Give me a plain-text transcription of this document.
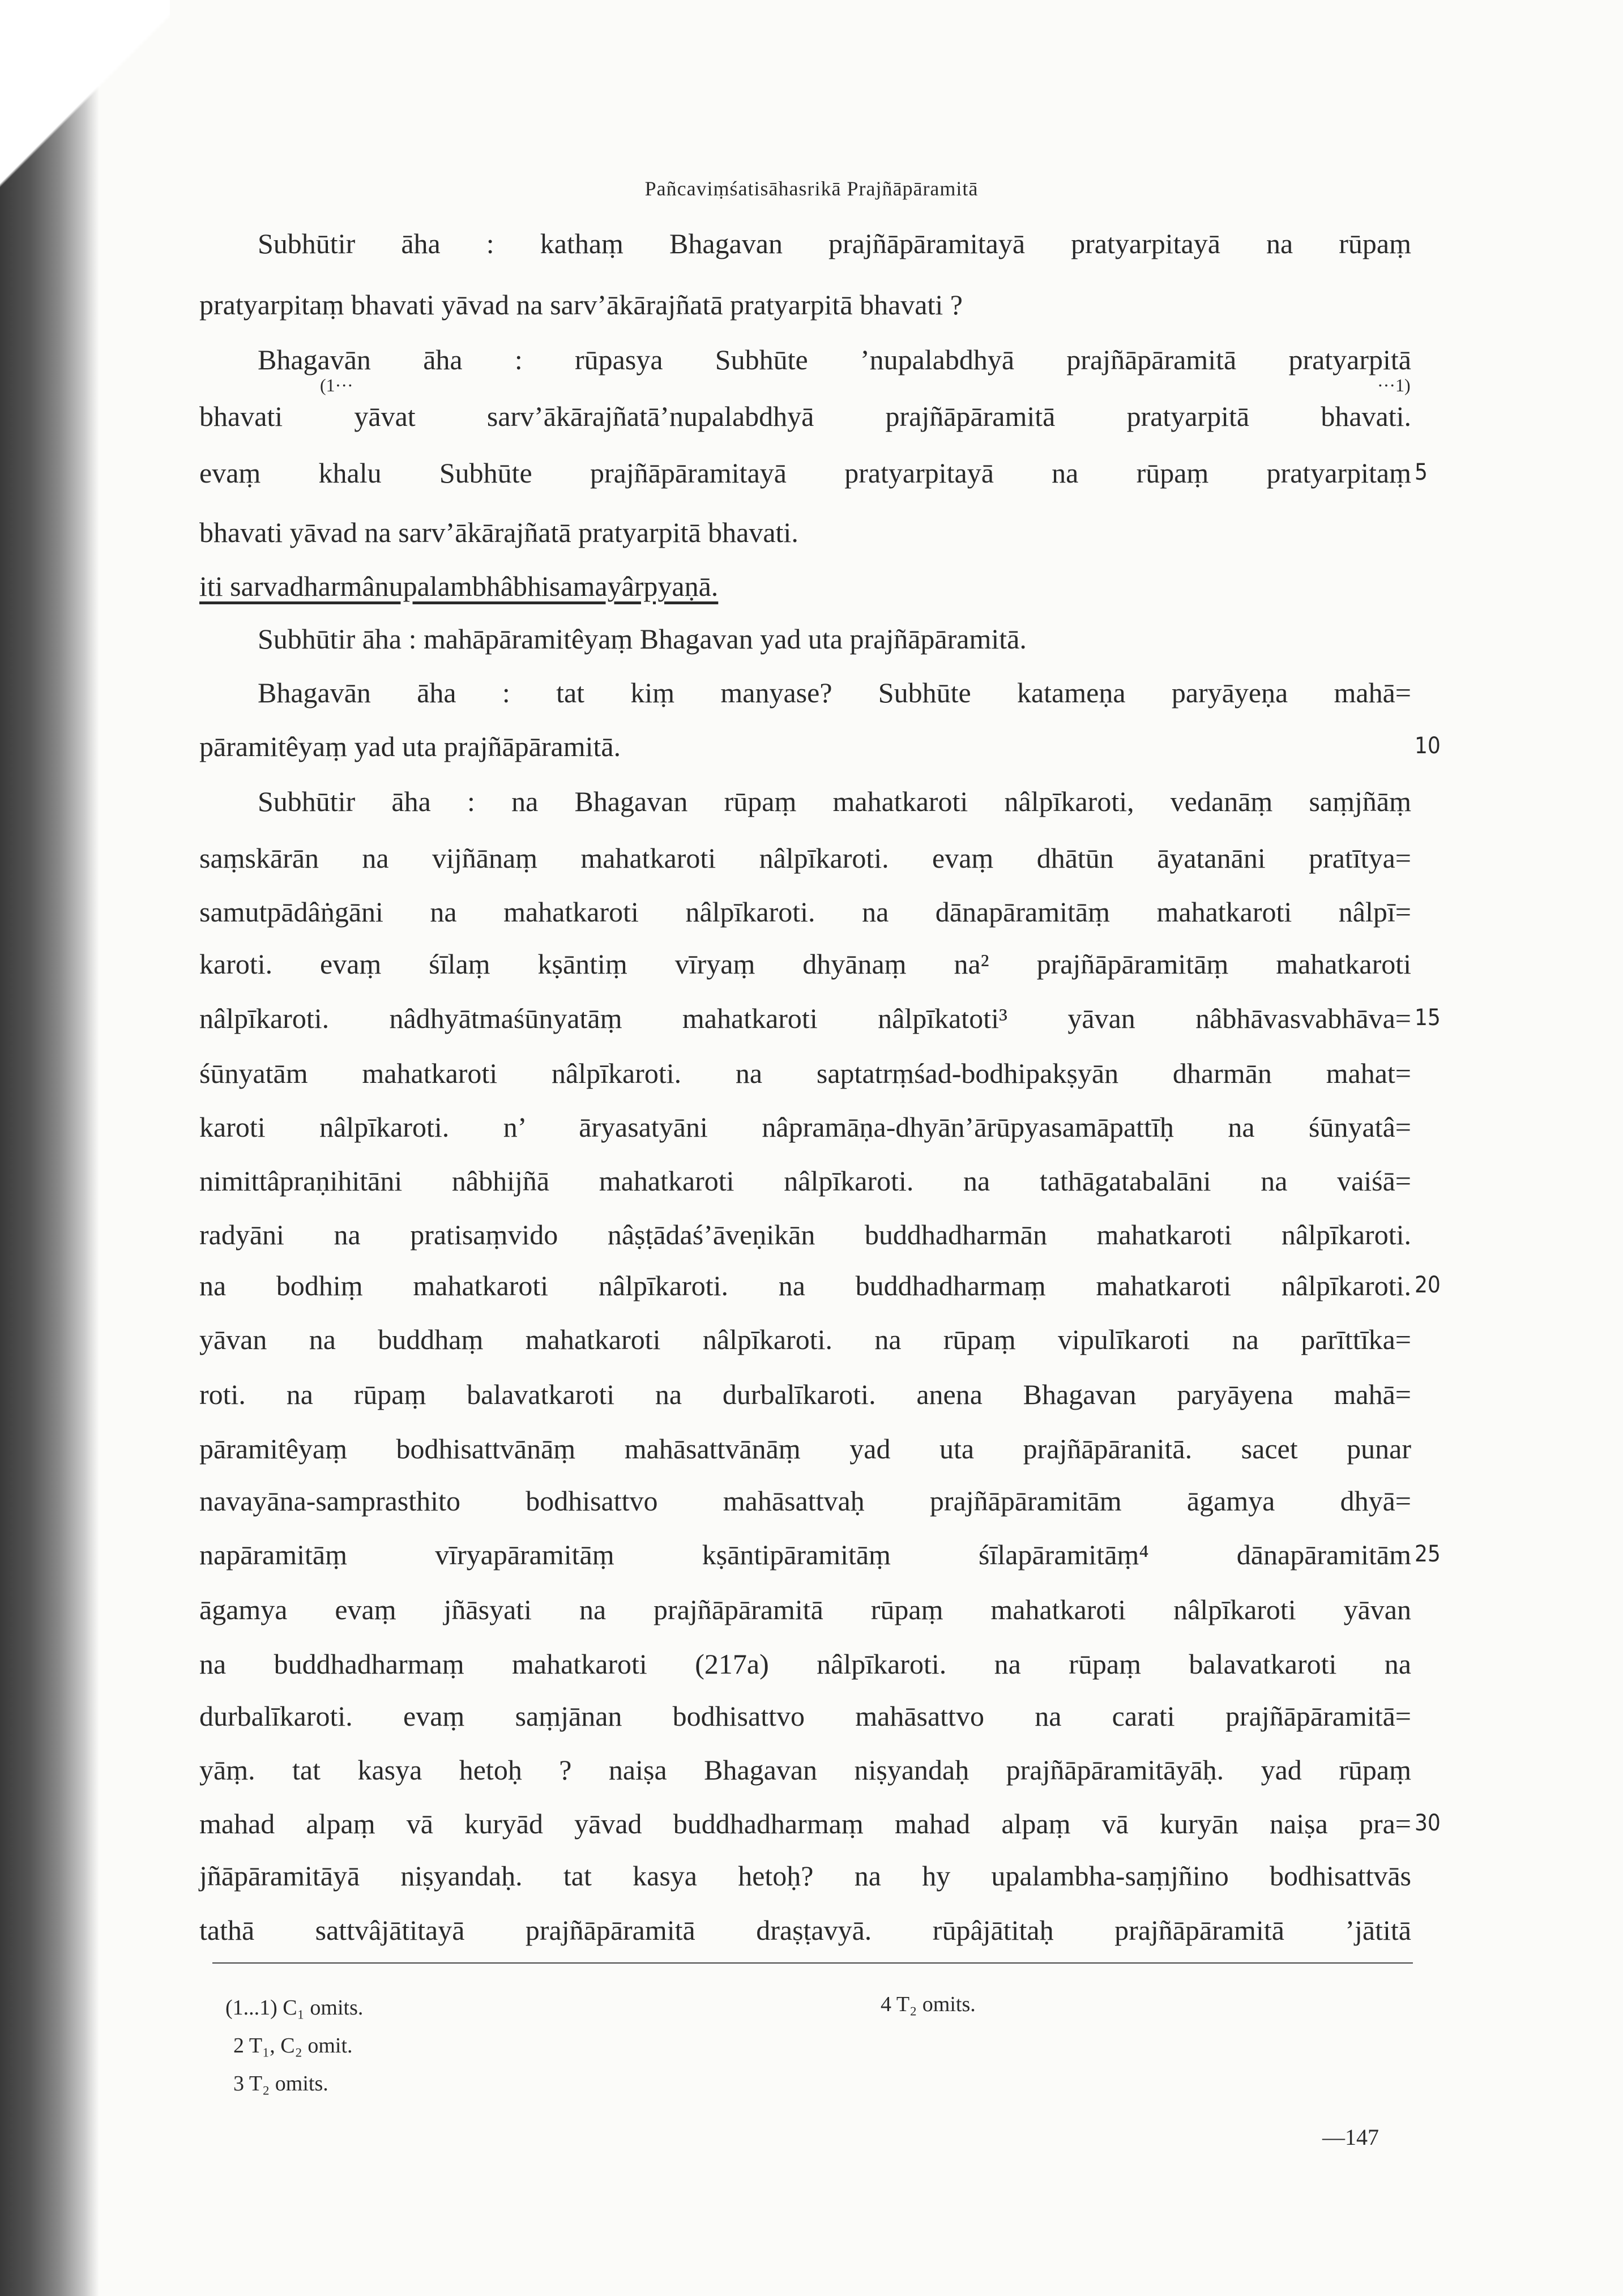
Pañcaviṃśatisāhasrikā Prajñāpāramitā
Subhūtir āha : kathaṃ Bhagavan prajñāpāramitayā pratyarpitayā na rūpaṃ
pratyarpitaṃ bhavati yāvad na sarv’ākārajñatā pratyarpitā bhavati ?
Bhagavān āha : rūpasya Subhūte ’nupalabdhyā prajñāpāramitā pratyarpitā
bhavati yāvat sarv’ākārajñatā’nupalabdhyā prajñāpāramitā pratyarpitā bhavati.
evaṃ khalu Subhūte prajñāpāramitayā pratyarpitayā na rūpaṃ pratyarpitaṃ 5
bhavati yāvad na sarv’ākārajñatā pratyarpitā bhavati.
iti sarvadharmânupalambhâbhisamayârpyaṇā.
Subhūtir āha : mahāpāramitêyaṃ Bhagavan yad uta prajñāpāramitā.
Bhagavān āha : tat kiṃ manyase? Subhūte katameṇa paryāyeṇa mahā=
pāramitêyaṃ yad uta prajñāpāramitā.	10
Subhūtir āha : na Bhagavan rūpaṃ mahatkaroti nâlpīkaroti, vedanāṃ saṃjñāṃ
saṃskārān na vijñānaṃ mahatkaroti nâlpīkaroti. evaṃ dhātūn āyatanāni pratītya=
samutpādâṅgāni na mahatkaroti nâlpīkaroti. na dānapāramitāṃ mahatkaroti nâlpī=
karoti. evaṃ śīlaṃ kṣāntiṃ vīryaṃ dhyānaṃ na² prajñāpāramitāṃ mahatkaroti
nâlpīkaroti. nâdhyātmaśūnyatāṃ mahatkaroti nâlpīkatoti³ yāvan nâbhāvasvabhāva= 15
śūnyatām mahatkaroti nâlpīkaroti. na saptatrṃśad-bodhipakṣyān dharmān mahat=
karoti nâlpīkaroti. n’ āryasatyāni nâpramāṇa-dhyān’ārūpyasamāpattīḥ na śūnyatâ=
nimittâpraṇihitāni nâbhijñā mahatkaroti nâlpīkaroti. na tathāgatabalāni na vaiśā=
radyāni na pratisaṃvido nâṣṭādaś’āveṇikān buddhadharmān mahatkaroti nâlpīkaroti.
na bodhiṃ mahatkaroti nâlpīkaroti. na buddhadharmaṃ mahatkaroti nâlpīkaroti. 20
yāvan na buddhaṃ mahatkaroti nâlpīkaroti. na rūpaṃ vipulīkaroti na parīttīka=
roti. na rūpaṃ balavatkaroti na durbalīkaroti. anena Bhagavan paryāyena mahā=
pāramitêyaṃ bodhisattvānāṃ mahāsattvānāṃ yad uta prajñāpāranitā. sacet punar
navayāna-samprasthito bodhisattvo mahāsattvaḥ prajñāpāramitām āgamya dhyā=
napāramitāṃ vīryapāramitāṃ kṣāntipāramitāṃ śīlapāramitāṃ⁴ dānapāramitām 25
āgamya evaṃ jñāsyati na prajñāpāramitā rūpaṃ mahatkaroti nâlpīkaroti yāvan
na buddhadharmaṃ mahatkaroti (217a) nâlpīkaroti. na rūpaṃ balavatkaroti na
durbalīkaroti. evaṃ saṃjānan bodhisattvo mahāsattvo na carati prajñāpāramitā=
yāṃ. tat kasya hetoḥ ? naiṣa Bhagavan niṣyandaḥ prajñāpāramitāyāḥ. yad rūpaṃ
mahad alpaṃ vā kuryād yāvad buddhadharmaṃ mahad alpaṃ vā kuryān naiṣa pra= 30
jñāpāramitāyā niṣyandaḥ. tat kasya hetoḥ? na hy upalambha-saṃjñino bodhisattvās
tathā sattvâjātitayā prajñāpāramitā draṣṭavyā. rūpâjātitaḥ prajñāpāramitā ’jātitā
(1···	···1)
(1...1) C₁ omits.
2 T₁, C₂ omit.
3 T₂ omits.
4 T₂ omits.
—147
